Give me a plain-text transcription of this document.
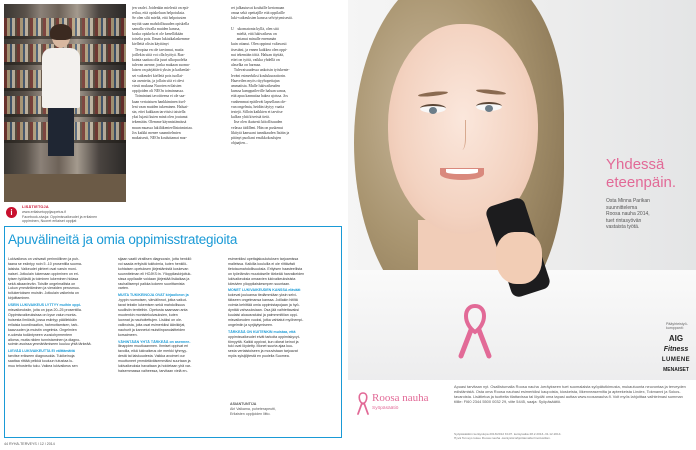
i
LISÄTIETOJA
www.erilaisetoppijaopetus.fi
Facebook-sivuja: Oppimisvaikeudet ja erilainen
oppiminen, Nuoret erilaiset oppijat
jen vaalei. Joidenkin mielestä on epä-
reilua, että opiskeluun helpotuksia.
Se olen silti mieltä, että helpotusten
myötä saan mahdollisuuden opiskella
samalla viivalla muiden kanssa,
koska opiskelu ei ole kenelläkään
toiselta pois. Ilman lukiaikalaskemme
kiellettä olisin käyttänyt
Teropiaa en ole tarvinnut, mutta
joillekin siitä voi olla hyötyä. Raa-
kainta saattaa olla juuri ulkopuolelta
tulevan asenne, jonka mukaan suoma-
laisen on pärjättävä yksin ja kaikenlai-
set vaikeudet kielletä pois tuollai-
sia asenteita, ja jollain sitä ei olevi
viesti mukana Nuorten erilaisten
oppijoiden oli NEOn toiminnassa.
Toimintani tavoitteena ei ole saa-
kaan vertaistuen hankkiminen itsel-
leni vaan muiden tukeminen. Haluai-
sin, ettei kukkaan tarvitsisi taistella
yksi lujasti kuten minä olen joutunut
tekemään. Olemme käynnistämässä
muun muassa lukiliikenteellistoimintaa.
Jos kaikki menee suunnitelmien
mukaisesti, NEOn kouluttamat mar-
ret jalkautuvat kouluille kertomaan
omaa sekä opettajille että oppilaille
luki-vaikeuksien kanssa selviytymisestä.

U    ukomatonta kyllä, olen sitä
mieltä, että lukivaikeus on
antanut minulle enemmän
kuin ottanut. Olen oppinut valtavasti
itsestäni, ja ennen kaikkea olen oppi-
nut tekemään töitä. Haluan täyttää,
ettei on työtä, vaikka yhdellä on
alaselka on harmaa.
Tulevaisuudessa unkoisin työskente-
leväni esimerkiksi koulukuraattorin.
Haaveilen myös rityyhopettajan
ammatista. Mulle lukivaikeuden
kanssa kamppaileville haluan sanoa,
että apua kannattaa hakea ajoissa. Jos
vanhemmat epäilevät lapsellaan ole-
van ongelmia, heidän täytyy vaatia
testejä. Silloin kaikkien ei tarvitse
kulkea yhtä kiveistä tietä.
Itse olen ikuisesti kiitollisuuden
velassa äidilleni. Hän on puskenut
likitytä kanssani tunnikauden Itsään ja
pitänyt puoliani ensikkokoulujen
ohjaajien...
Apuvälineitä ja omia oppimisstrategioita
Lukivaikeus on vahvasti perinnöllinen ja puh-
taana se esiintyy noin 5 -10 prosentilla suoma-
laisista. Vaikeudet piirteet ovat varsin moni-
naiset. Jotkulain lukemaan oppiminen on eri-
tyisen työlästä ja toiminen lukeminen hidasa
sekä aikaavievän. Toisille ongelmallista on
Lukun ymmärtäminen ja vieraiden perusmuo-
toilukertoksen muistin. Jotkulain vaikeinta on
kirjoittaminen.
USEIN LUKIVAIKEUS LYTTYY muihin oppi-
misvaikeuksiin, joita on jopa 20–25 prosentilla.
Oppimisvaikeuksissa on kyse vaiun monta-
huisesta ilmiöstä, jossa esiintyy päällekkäin
erilaisia koordinaation, hahmottamisen, tark-
kaavuuden ja muistin ongelmia. Ongelmien
e-udesta todäntyneen vuosiohyrmentem
alloma, mutta niiden tunnistaminen ja diagno-
soimin avoissa ymmärtämiseen kuuluu yhtä tärkeää.
LIEVÄÄ LUKIVAIKEUTTA EI välttämättä
tarvitse erikseen diagnosoida. Tukikeinoja
saattaa riittää pelkkä kouluun tutustaa lu-
muu tehostettu tuku. Vaikea lukivaikeus sen
sijaan vaatii virallisen diagnoosin, jotta henkilö
voi saada erityistä tukitoimia, kuten henkilö-
kohtaisen opetuksen järjestämistä koskevan
suunnitelman eli HOJKS:in. Ylioppilaskirjoituk-
sissa oppilaalle voidaan järjestää lisäaikaa ja
rauhallisempi paikka kokeen suorittamista
varten.
MUITA TUKIKEINOJA OVAT kirjaoikeon ja
-tyypin ruumoisen, värvälinnot, jotka vaikut-
tavat tekstin lukemisen sekä mahdollisuus
suullisiin tentteihin. Opetusta saamaan anta
muotenkin monistekulvauksien, kuten
luonnat ja nauhoitettujen. Lisäksi on ole-
valilnoista, joita osat esimerkiksi äänikirjat,
nauhurit ja kannetut muistiinpanolaitteiden
korsaimeen.
VÄHINTÄÄN YHTÄ TÄRKEÄÄ on asennee-
llinappien muutkaanmen. Ihmiset oppivat eri
tavoilla, eikä lukivaikeus ole merkki tyhmyy-
destä tai laiskuudesta. Vaikka avoimet our
muuttuneet ymmärtäväisemmäksi suurtaan ja
lukivaikeuksia havaitaan ja hoidetaan yhä var-
haisemmassa vaiheessa, tarvitaan vielä en-
esimerkiksi opettajakoulutuksen tarjoamissa
malleissa. Kaikilla kouluilla ei ole riittävästi
tietotaumahdollisuuksia. Erityisen haasteellista
on työelämän muutokselle tärkeää harvaikeiden
lukivaikeuksia omaavien lukivaikeuksisista
kärsivien ylioppilaiskesmpen suuntaan.
MONET LUKIVAIKEUDEN KANSSA eläväät
kokevat jouluansa tiedämmiäan yksin selvi-
täkseen ongelmansa kanssa. Joillakin hitiltä
voimia kehittää omia oppimistapojaan ja hyö-
dyntää vahvuuksiaan. Osa jää vaihtettavaksi
kuulaisi aloausraluksi ja palmmmitiiian oppi-
misvaikeuden vuoksi, jotka vahtatut myöhempi-
ongelmiin ja syrjäytymiseen.
TÄRKEÄÄ ON KUITENKIN muistaa, että
oppimisvaikeudet eivät tarkoita oppimiskyvyt-
tömyyttä. Kaikki oppivat, kun oikeat keinot ja
tuki ovat löydetty. Monet suurta ajaa kuu-
sesta vertaistoiseen ja mouvistaan tarjoavat
myös sylsijöjtestä en puolella Suomea.
ASIANTUNTIJA
Airi Vaikama, puheterapeutti,
Erilaisten oppijoiden liitto.
44 RYHÄ-TERVEYS / 12 / 2014
Yhdessä
eteenpäin.
Osta Minna Parikan
suunnittelema
Roosa nauha 2014,
tuet rintasyövän
vastaista työtä.
Pääyhteistyö-
kumppanit:
AIG
Fitness
LUMENE
MENAISET
Roosa nauha
Syöpäsäätiö
Apuasi tarvitaan nyt. Osallistumalla Roosa nauha -keräykseen tuet suomalaista syöpätutkimusta, mukautuunta neuvontaa ja terveyden edistämistä. Osta oma Roosa nauhasi esimerkiksi kaupoista, kioskeista, liikenneasemilta ja apteekeista Lindex, Tokmanni ja Sokos-tavaroista. Lisätietoa ja tuotteita tilattavissa tai löydät oma tapasi auttaa www.roosanauha.fi. Voit myös lahjoittaa vaihteimasi summan tilille: FI60 2344 5500 0032 29, viite 5445, saaja: Syöpäsäätiö.
Syöpäsäätiön keräyslupa 2013/2012 K107. keräysaika 28.2.2013–31.12.2014.
Hyvä Terveys tukee Roosa nauha -keräystä lahjoittamalla ilmoitustilan.
